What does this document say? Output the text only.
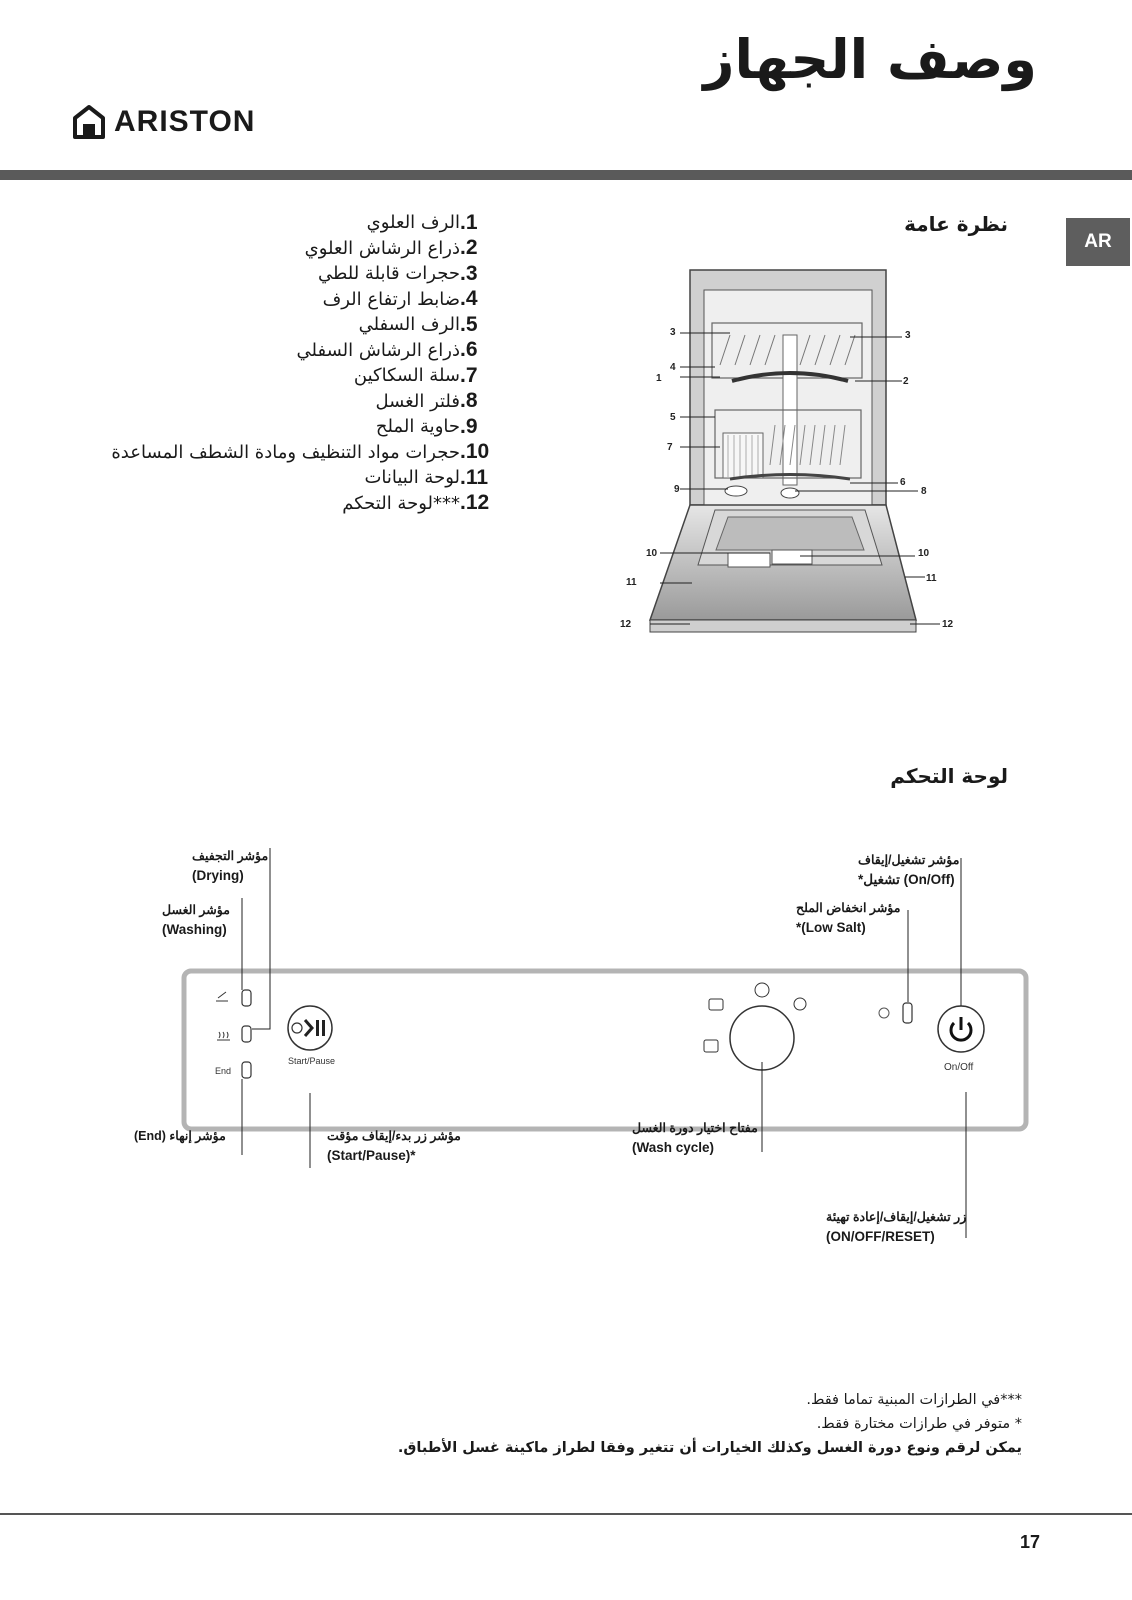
وصف الجهاز
ARISTON
AR
نظرة عامة
.1
الرف العلوي
.2
ذراع الرشاش العلوي
.3
حجرات قابلة للطي
.4
ضابط ارتفاع الرف
.5
الرف السفلي
.6
ذراع الرشاش السفلي
.7
سلة السكاكين
.8
فلتر الغسل
.9
حاوية الملح
.10
حجرات مواد التنظيف ومادة الشطف المساعدة
.11
لوحة البيانات
.12
***لوحة التحكم
3	3
4
1	2
5
7
9
6
8
10	10
11	11
12	12
لوحة التحكم
End
Start/Pause
On/Off
مؤشر التجفيف
(Drying)
مؤشر الغسل
(Washing)
مؤشر إنهاء (End)	مؤشر زر بدء/إيقاف مؤقت
(Start/Pause)*
مفتاح اختيار دورة الغسل
(Wash cycle)
زر تشغيل/إيقاف/إعادة تهيئة
(ON/OFF/RESET)
مؤشر تشغيل/إيقاف
*تشغيل (On/Off)
مؤشر انخفاض الملح
*(Low Salt)
***في الطرازات المبنية تماما فقط.
* متوفر في طرازات مختارة فقط.
يمكن لرقم ونوع دورة الغسل وكذلك الخيارات أن تتغير وفقا لطراز ماكينة غسل الأطباق.
17
